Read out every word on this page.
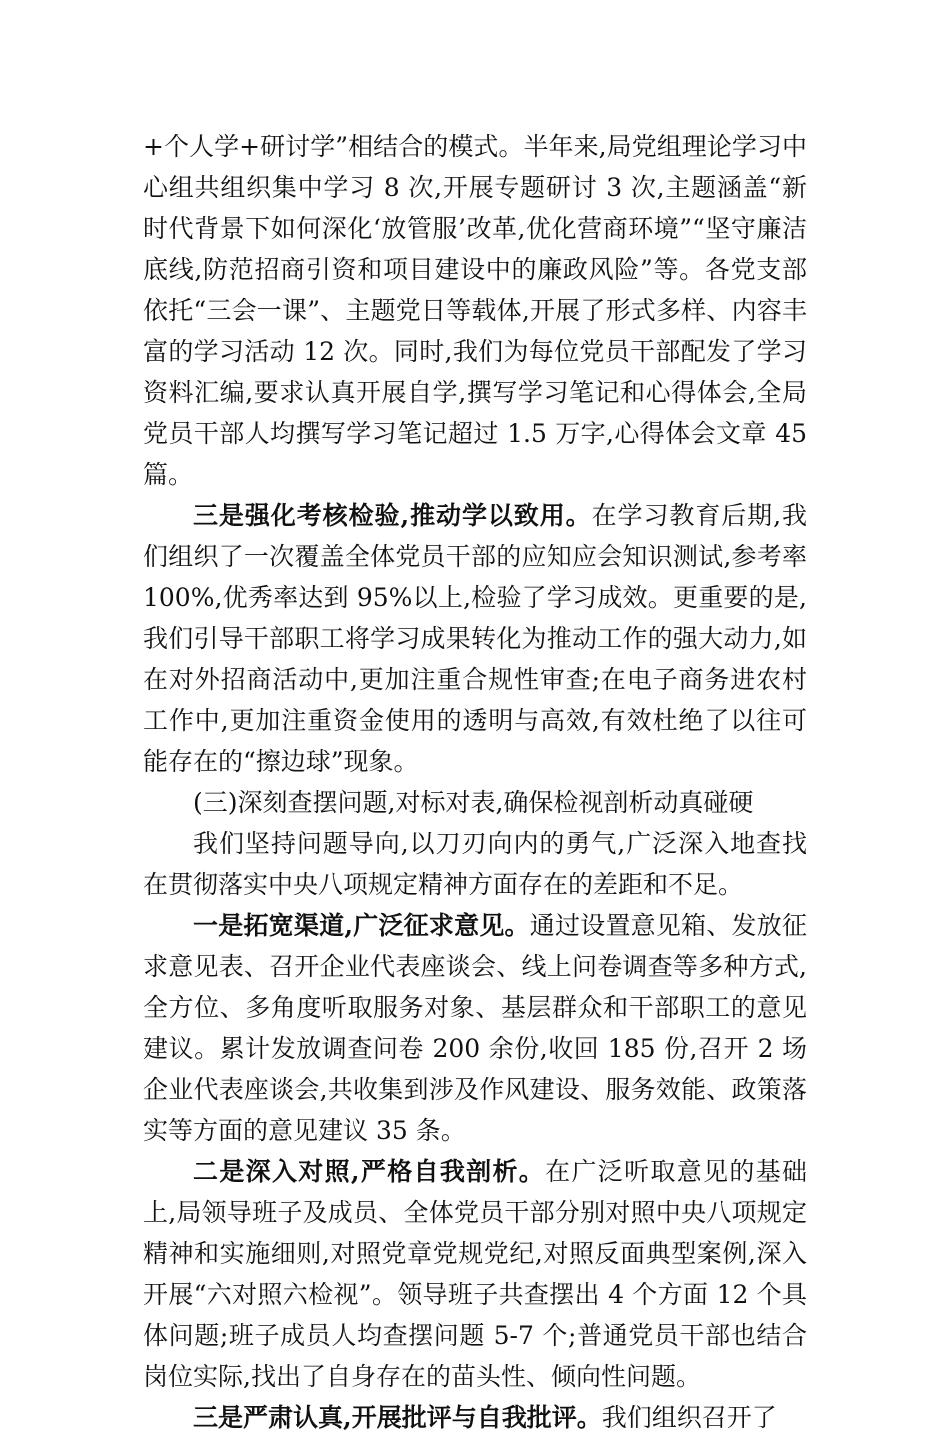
+个人学+研讨学”相结合的模式。半年来,局党组理论学习中心组共组织集中学习 8 次,开展专题研讨 3 次,主题涵盖“新时代背景下如何深化‘放管服’改革,优化营商环境”“坚守廉洁底线,防范招商引资和项目建设中的廉政风险”等。各党支部依托“三会一课”、主题党日等载体,开展了形式多样、内容丰富的学习活动 12 次。同时,我们为每位党员干部配发了学习资料汇编,要求认真开展自学,撰写学习笔记和心得体会,全局党员干部人均撰写学习笔记超过 1.5 万字,心得体会文章 45 篇。

三是强化考核检验,推动学以致用。在学习教育后期,我们组织了一次覆盖全体党员干部的应知应会知识测试,参考率 100%,优秀率达到 95%以上,检验了学习成效。更重要的是,我们引导干部职工将学习成果转化为推动工作的强大动力,如在对外招商活动中,更加注重合规性审查;在电子商务进农村工作中,更加注重资金使用的透明与高效,有效杜绝了以往可能存在的“擦边球”现象。

(三)深刻查摆问题,对标对表,确保检视剖析动真碰硬

我们坚持问题导向,以刀刃向内的勇气,广泛深入地查找在贯彻落实中央八项规定精神方面存在的差距和不足。

一是拓宽渠道,广泛征求意见。通过设置意见箱、发放征求意见表、召开企业代表座谈会、线上问卷调查等多种方式,全方位、多角度听取服务对象、基层群众和干部职工的意见建议。累计发放调查问卷 200 余份,收回 185 份,召开 2 场企业代表座谈会,共收集到涉及作风建设、服务效能、政策落实等方面的意见建议 35 条。

二是深入对照,严格自我剖析。在广泛听取意见的基础上,局领导班子及成员、全体党员干部分别对照中央八项规定精神和实施细则,对照党章党规党纪,对照反面典型案例,深入开展“六对照六检视”。领导班子共查摆出 4 个方面 12 个具体问题;班子成员人均查摆问题 5-7 个;普通党员干部也结合岗位实际,找出了自身存在的苗头性、倾向性问题。

三是严肃认真,开展批评与自我批评。我们组织召开了
